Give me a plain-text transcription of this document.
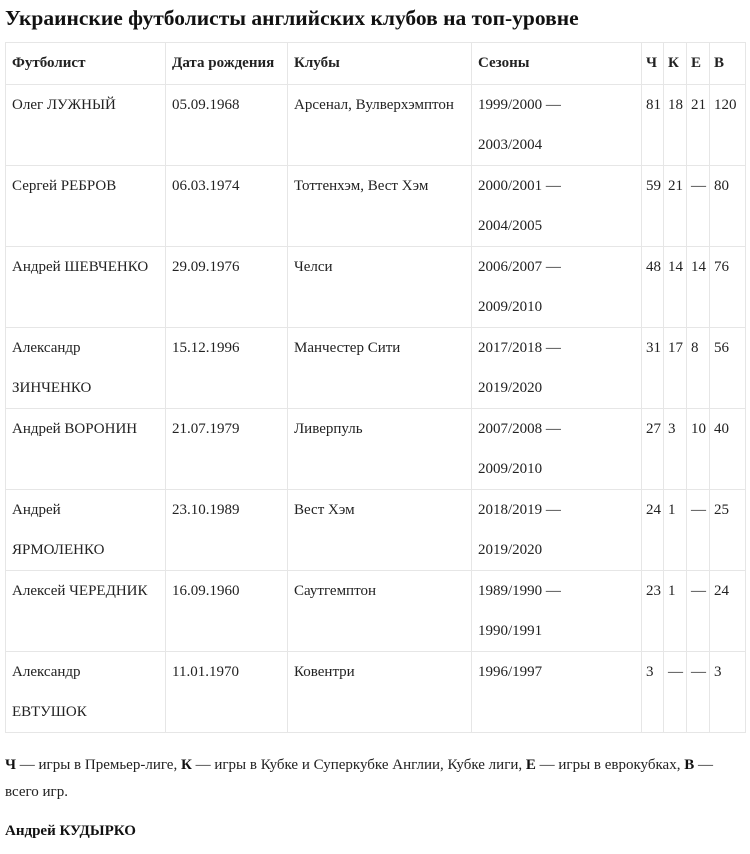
Украинские футболисты английских клубов на топ-уровне
Футболист	Дата рождения	Клубы	Сезоны	Ч	К	Е	В

Олег ЛУЖНЫЙ	05.09.1968	Арсенал, Вулверхэмптон	1999/2000 —
2003/2004	81	18	21	120

Сергей РЕБРОВ	06.03.1974	Тоттенхэм, Вест Хэм	2000/2001 —
2004/2005	59	21	—	80

Андрей ШЕВЧЕНКО	29.09.1976	Челси	2006/2007 —
2009/2010	48	14	14	76

Александр
ЗИНЧЕНКО	15.12.1996	Манчестер Сити	2017/2018 —
2019/2020	31	17	8	56

Андрей ВОРОНИН	21.07.1979	Ливерпуль	2007/2008 —
2009/2010	27	3	10	40

Андрей
ЯРМОЛЕНКО	23.10.1989	Вест Хэм	2018/2019 —
2019/2020	24	1	—	25

Алексей ЧЕРЕДНИК	16.09.1960	Саутгемптон	1989/1990 —
1990/1991	23	1	—	24

Александр
ЕВТУШОК	11.01.1970	Ковентри	1996/1997	3	—	—	3

Ч — игры в Премьер-лиге, К — игры в Кубке и Суперкубке Англии, Кубке лиги, Е — игры в еврокубках, В — всего игр.

Андрей КУДЫРКО
